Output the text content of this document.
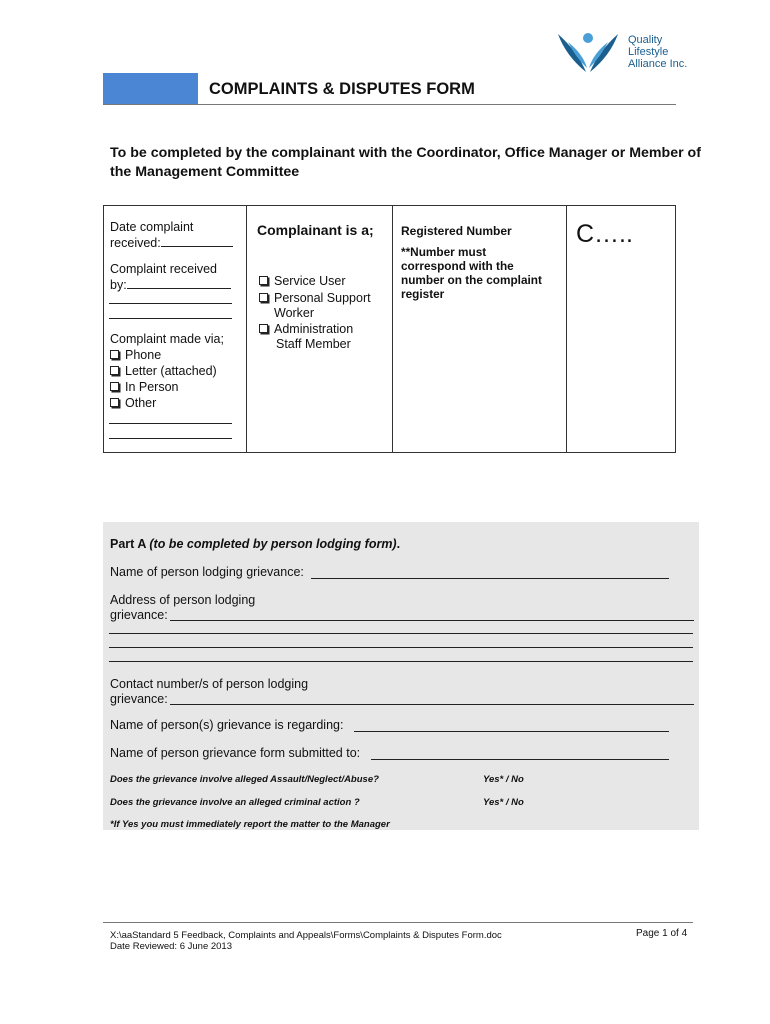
Quality
Lifestyle
Alliance Inc.
COMPLAINTS & DISPUTES FORM
To be completed by the complainant with the Coordinator, Office Manager or Member of the Management Committee
Date complaint
received:
Complaint received
by:
Complaint made via;
Phone
Letter (attached)
In Person
Other
Complainant is a;
Service User
Personal Support
Worker
Administration
Staff Member
Registered Number
**Number must
correspond with the
number on the complaint
register
C…..
Part A (to be completed by person lodging form).
Name of person lodging grievance:
Address of person lodging
grievance:
Contact number/s of person lodging
grievance:
Name of person(s) grievance is regarding:
Name of person grievance form submitted to:
Does the grievance involve alleged Assault/Neglect/Abuse?	Yes* / No
Does the grievance involve an alleged criminal action ?	Yes* / No
*If Yes you must immediately report the matter to the Manager
X:\aaStandard 5 Feedback, Complaints and Appeals\Forms\Complaints & Disputes Form.doc
Date Reviewed: 6 June 2013
Page 1 of 4
